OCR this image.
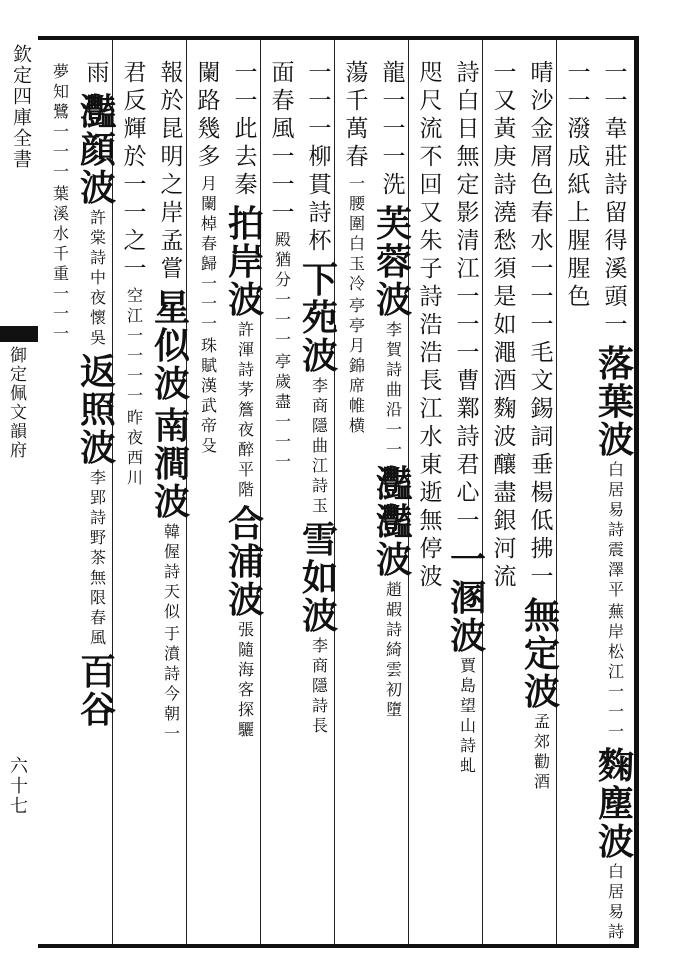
欽定四庫全書
御定佩文韻府
六十七
一
一
韋
莊
詩
留
得
溪
頭
一
落
葉
波
白
居
易
詩
震
澤
平
蕪
岸
松
江
一
一
一
麴
塵
波
白
居
易
詩
一
一
潑
成
紙
上
腥
腥
色
晴
沙
金
屑
色
春
水
一
一
一
毛
文
錫
詞
垂
楊
低
拂
一
無
定
波
孟
郊
勸
酒
一
又
黃
庚
詩
澆
愁
須
是
如
澠
酒
麴
波
釀
盡
銀
河
流
詩
白
日
無
定
影
清
江
一
一
一
曹
鄴
詩
君
心
一
一
溷
波
賈
島
望
山
詩
虬
咫
尺
流
不
回
又
朱
子
詩
浩
浩
長
江
水
東
逝
無
停
波
龍
一
一
一
洗
芙
蓉
波
李
賀
詩
曲
沿
一
一
灩
灩
波
趙
嘏
詩
綺
雲
初
墮
蕩
千
萬
春
一
腰
圍
白
玉
冷
亭
亭
月
錦
席
帷
横
一
一
一
柳
貫
詩
杯
下
苑
波
李
商
隱
曲
江
詩
玉
雪
如
波
李
商
隱
詩
長
面
春
風
一
一
一
殿
猶
分
一
一
一
亭
歲
盡
一
一
一
一
一
此
去
秦
拍
岸
波
許
渾
詩
茅
簷
夜
醉
平
階
合
浦
波
張
隨
海
客
探
驪
闌
路
幾
多
月
闌
棹
春
歸
一
一
一
珠
賦
漢
武
帝
殳
報
於
昆
明
之
岸
孟
嘗
星
似
波
南
澗
波
韓
偓
詩
天
似
于
濆
詩
今
朝
一
君
反
輝
於
一
一
之
一
空
江
一
一
一
一
昨
夜
西
川
雨
灩
顔
波
許
棠
詩
中
夜
懷
吳
返
照
波
李
郢
詩
野
茶
無
限
春
風
百
谷
夢
知
鷺
一
一
一
葉
溪
水
千
重
一
一
一
